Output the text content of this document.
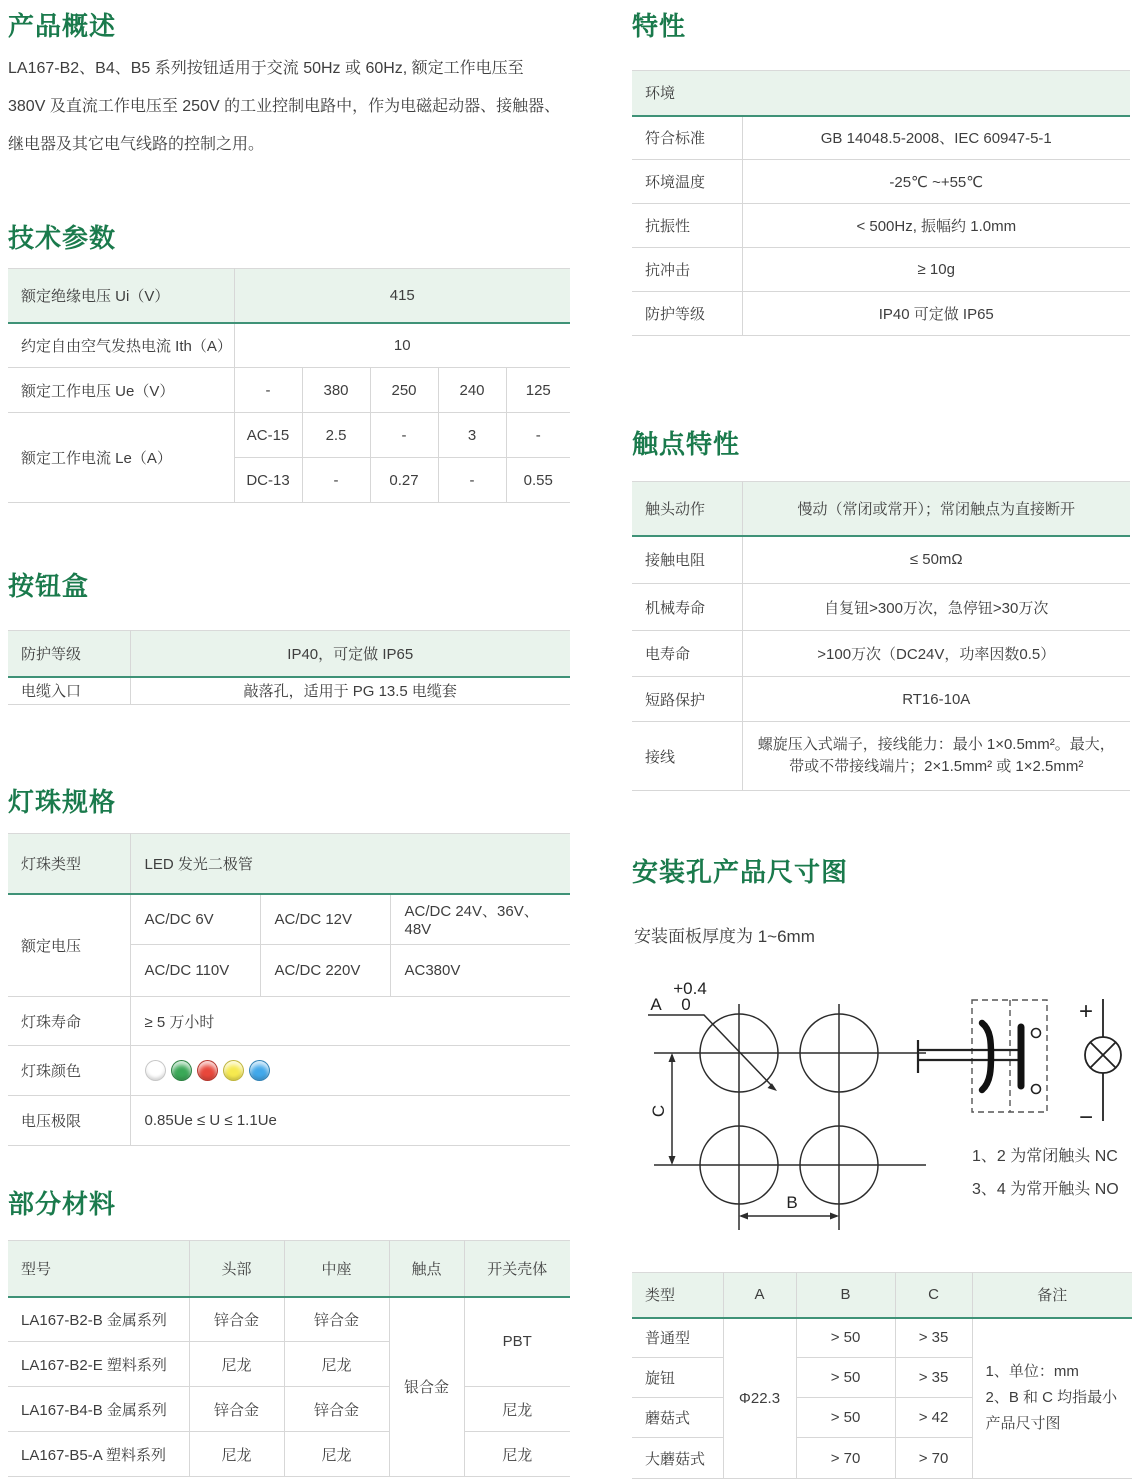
产品概述
LA167-B2、B4、B5 系列按钮适用于交流 50Hz 或 60Hz, 额定工作电压至 380V 及直流工作电压至 250V 的工业控制电路中，作为电磁起动器、接触器、继电器及其它电气线路的控制之用。
技术参数
额定绝缘电压 Ui（V）	415				
约定自由空气发热电流 Ith（A）	10				
额定工作电压 Ue（V）	-	380	250	240	125
额定工作电流 Le（A）	AC-15	2.5	-	3	-
	DC-13	-	0.27	-	0.55
按钮盒
防护等级	IP40，可定做 IP65
电缆入口	敲落孔，适用于 PG 13.5 电缆套
灯珠规格
灯珠类型	LED 发光二极管		
额定电压	AC/DC 6V	AC/DC 12V	AC/DC 24V、36V、48V
	AC/DC 110V	AC/DC 220V	AC380V
灯珠寿命	≥ 5 万小时		
灯珠颜色			
电压极限	0.85Ue ≤ U ≤ 1.1Ue		
部分材料
型号	头部	中座	触点	开关壳体
LA167-B2-B 金属系列	锌合金	锌合金	银合金	PBT
LA167-B2-E 塑料系列	尼龙	尼龙		
LA167-B4-B 金属系列	锌合金	锌合金		尼龙
LA167-B5-A 塑料系列	尼龙	尼龙		尼龙
特性
环境	
符合标准	GB 14048.5-2008、IEC 60947-5-1
环境温度	-25℃ ~+55℃
抗振性	< 500Hz, 振幅约 1.0mm
抗冲击	≥ 10g
防护等级	IP40 可定做 IP65
触点特性
触头动作	慢动（常闭或常开）；常闭触点为直接断开
接触电阻	≤ 50mΩ
机械寿命	自复钮>300万次，急停钮>30万次
电寿命	>100万次（DC24V，功率因数0.5）
短路保护	RT16-10A
接线	螺旋压入式端子，接线能力：最小 1×0.5mm²。最大，带或不带接线端片；2×1.5mm² 或 1×2.5mm²
安装孔产品尺寸图
安装面板厚度为 1~6mm
A
+0.4
0
C
B
+
−
1、2 为常闭触头 NC
3、4 为常开触头 NO
类型	A	B	C	备注
普通型	Φ22.3	> 50	> 35	1、单位：mm
2、B 和 C 均指最小产品尺寸图

旋钮		> 50	> 35	
蘑菇式		> 50	> 42	
大蘑菇式		> 70	> 70	
